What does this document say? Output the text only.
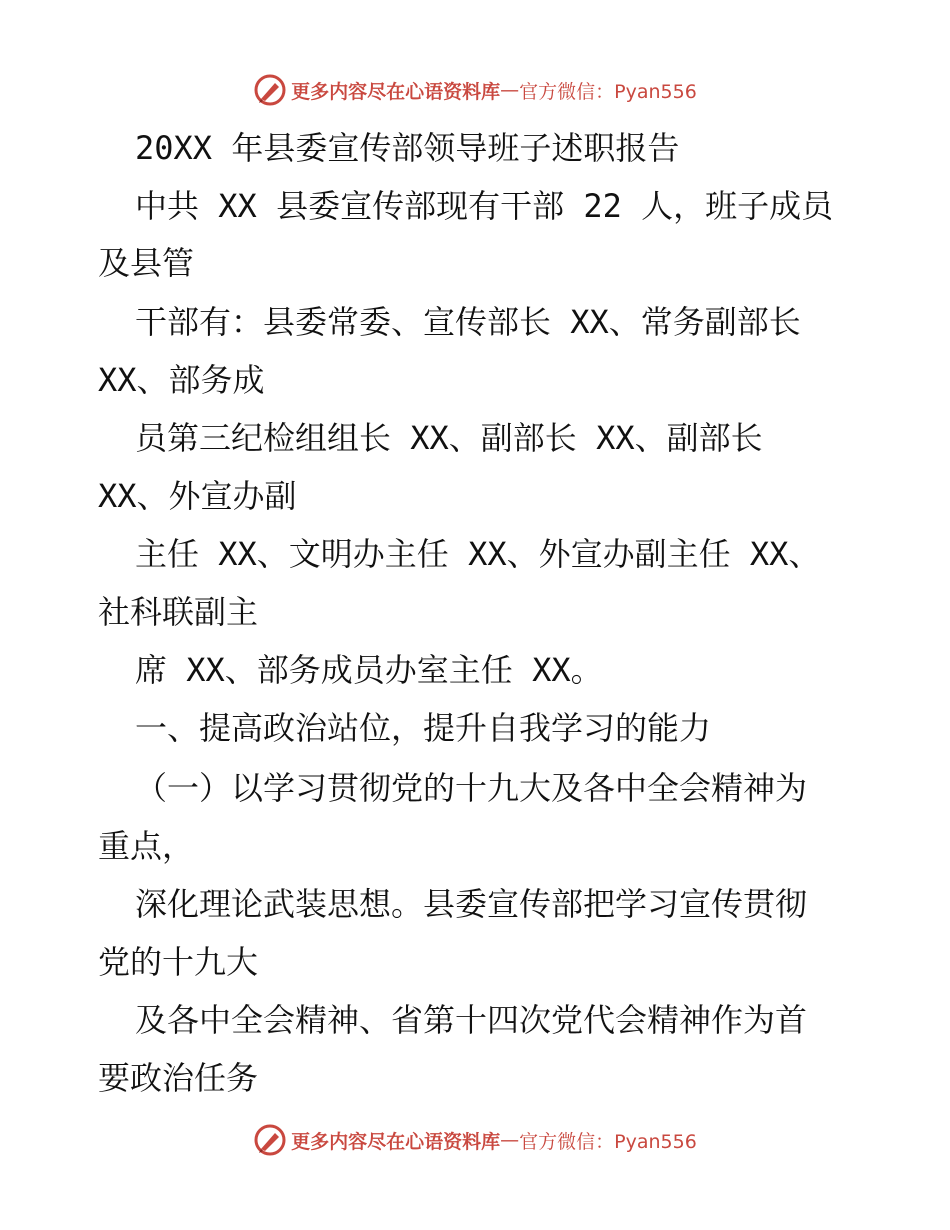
更多内容尽在心语资料库 — 官方微信：Pyan556
20XX 年县委宣传部领导班子述职报告
中共 XX 县委宣传部现有干部 22 人，班子成员
及县管
干部有：县委常委、宣传部长 XX、常务副部长
XX、部务成
员第三纪检组组长 XX、副部长 XX、副部长
XX、外宣办副
主任 XX、文明办主任 XX、外宣办副主任 XX、
社科联副主
席 XX、部务成员办室主任 XX。
一、提高政治站位，提升自我学习的能力
（一）以学习贯彻党的十九大及各中全会精神为
重点，
深化理论武装思想。县委宣传部把学习宣传贯彻
党的十九大
及各中全会精神、省第十四次党代会精神作为首
要政治任务
更多内容尽在心语资料库 — 官方微信：Pyan556
